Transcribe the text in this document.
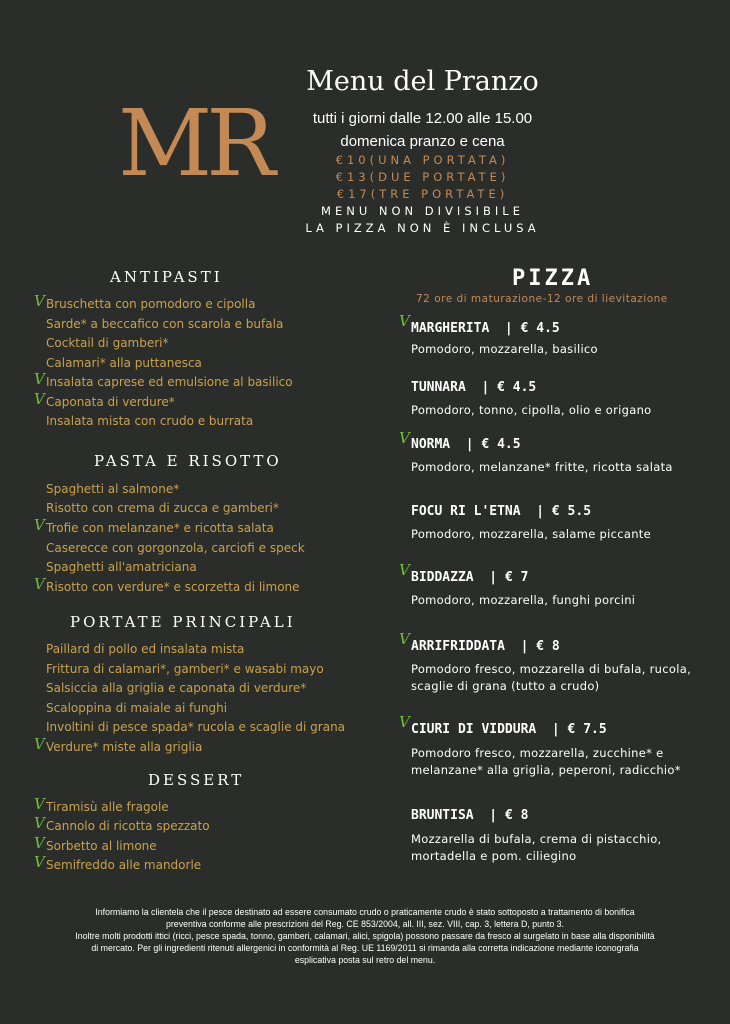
MR
Menu del Pranzo
tutti i giorni dalle 12.00 alle 15.00
domenica pranzo e cena
€10(UNA PORTATA)
€13(DUE PORTATE)
€17(TRE PORTATE)
MENU NON DIVISIBILE
LA PIZZA NON È INCLUSA
ANTIPASTI
V Bruschetta con pomodoro e cipolla
Sarde* a beccafico con scarola e bufala
Cocktail di gamberi*
Calamari* alla puttanesca
V Insalata caprese ed emulsione al basilico
V Caponata di verdure*
Insalata mista con crudo e burrata
PASTA E RISOTTO
Spaghetti al salmone*
Risotto con crema di zucca e gamberi*
V Trofie con melanzane* e ricotta salata
Caserecce con gorgonzola, carciofi e speck
Spaghetti all'amatriciana
V Risotto con verdure* e scorzetta di limone
PORTATE PRINCIPALI
Paillard di pollo ed insalata mista
Frittura di calamari*, gamberi* e wasabi mayo
Salsiccia alla griglia e caponata di verdure*
Scaloppina di maiale ai funghi
Involtini di pesce spada* rucola e scaglie di grana
V Verdure* miste alla griglia
DESSERT
V Tiramisù alle fragole
V Cannolo di ricotta spezzato
V Sorbetto al limone
V Semifreddo alle mandorle
PIZZA
72 ore di maturazione-12 ore di lievitazione
V MARGHERITA  | € 4.5
Pomodoro, mozzarella, basilico
TUNNARA  | € 4.5
Pomodoro, tonno, cipolla, olio e origano
V NORMA  | € 4.5
Pomodoro, melanzane* fritte, ricotta salata
FOCU RI L'ETNA  | € 5.5
Pomodoro, mozzarella, salame piccante
V BIDDAZZA  | € 7
Pomodoro, mozzarella, funghi porcini
V ARRIFRIDDATA  | € 8
Pomodoro fresco, mozzarella di bufala, rucola, scaglie di grana (tutto a crudo)
V CIURI DI VIDDURA  | € 7.5
Pomodoro fresco, mozzarella, zucchine* e melanzane* alla griglia, peperoni, radicchio*
BRUNTISA  | € 8
Mozzarella di bufala, crema di pistacchio, mortadella e pom. ciliegino
Informiamo la clientela che il pesce destinato ad essere consumato crudo o praticamente crudo è stato sottoposto a trattamento di bonifica
preventiva conforme alle prescrizioni del Reg. CE 853/2004, all. III, sez. VIII, cap. 3, lettera D, punto 3.
Inoltre molti prodotti ittici (ricci, pesce spada, tonno, gamberi, calamari, alici, spigola) possono passare da fresco al surgelato in base alla disponibilità
di mercato. Per gli ingredienti ritenuti allergenici in conformità al Reg. UE 1169/2011 si rimanda alla corretta indicazione mediante iconografia
esplicativa posta sul retro del menu.
